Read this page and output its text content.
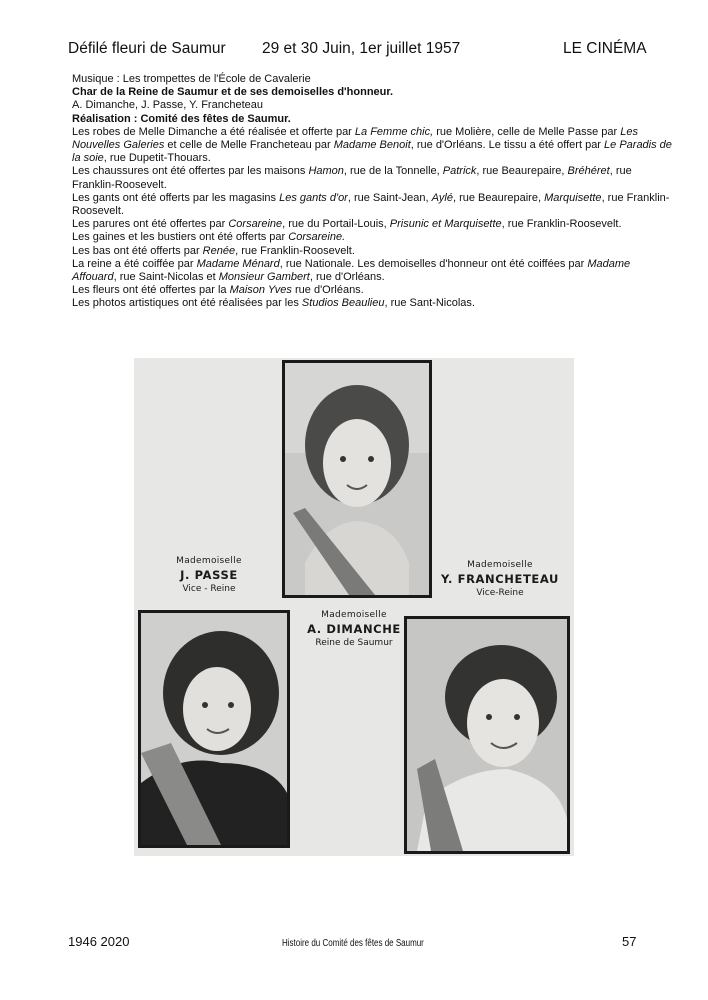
Défilé fleuri de Saumur 29 et 30 Juin, 1er juillet 1957	LE CINÉMA

Musique : Les trompettes de l'École de Cavalerie

Char de la Reine de Saumur et de ses demoiselles d'honneur.

A. Dimanche, J. Passe, Y. Francheteau

Réalisation : Comité des fêtes de Saumur.

Les robes de Melle Dimanche a été réalisée et offerte par La Femme chic, rue Molière, celle de Melle Passe par Les Nouvelles Galeries et celle de Melle Francheteau par Madame Benoit, rue d'Orléans. Le tissu a été offert par Le Paradis de la soie, rue Dupetit-Thouars.

Les chaussures ont été offertes par les maisons Hamon, rue de la Tonnelle, Patrick, rue Beaurepaire, Bréhéret, rue Franklin-Roosevelt.

Les gants ont été offerts par les magasins Les gants d'or, rue Saint-Jean, Aylé, rue Beaurepaire, Marquisette, rue Franklin-Roosevelt.

Les parures ont été offertes par Corsareine, rue du Portail-Louis, Prisunic et Marquisette, rue Franklin-Roosevelt.

Les gaines et les bustiers ont été offerts par Corsareine.

Les bas ont été offerts par Renée, rue Franklin-Roosevelt.

La reine a été coiffée par Madame Ménard, rue Nationale. Les demoiselles d'honneur ont été coiffées par Madame Affouard, rue Saint-Nicolas et Monsieur Gambert, rue d'Orléans.

Les fleurs ont été offertes par la Maison Yves rue d'Orléans.

Les photos artistiques ont été réalisées par les Studios Beaulieu, rue Sant-Nicolas.

Mademoiselle
J. PASSE
Vice - Reine
Mademoiselle
A. DIMANCHE
Reine de Saumur
Mademoiselle
Y. FRANCHETEAU
Vice-Reine
1946 2020	Histoire du Comité des fêtes de Saumur	57
